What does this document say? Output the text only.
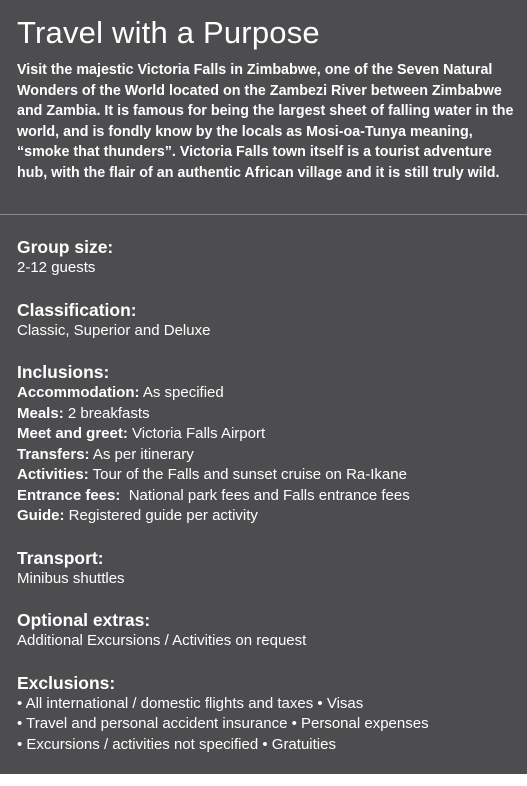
Travel with a Purpose

Visit the majestic Victoria Falls in Zimbabwe, one of the Seven Natural Wonders of the World located on the Zambezi River between Zimbabwe and Zambia. It is famous for being the largest sheet of falling water in the world, and is fondly know by the locals as Mosi-oa-Tunya meaning, “smoke that thunders”. Victoria Falls town itself is a tourist adventure hub, with the flair of an authentic African village and it is still truly wild.

Group size:

2-12 guests

Classification:

Classic, Superior and Deluxe

Inclusions:

Accommodation: As specified

Meals: 2 breakfasts

Meet and greet: Victoria Falls Airport

Transfers: As per itinerary

Activities: Tour of the Falls and sunset cruise on Ra-Ikane

Entrance fees:  National park fees and Falls entrance fees

Guide: Registered guide per activity

Transport:

Minibus shuttles

Optional extras:

Additional Excursions / Activities on request

Exclusions:

• All international / domestic flights and taxes • Visas

• Travel and personal accident insurance • Personal expenses

• Excursions / activities not specified • Gratuities
